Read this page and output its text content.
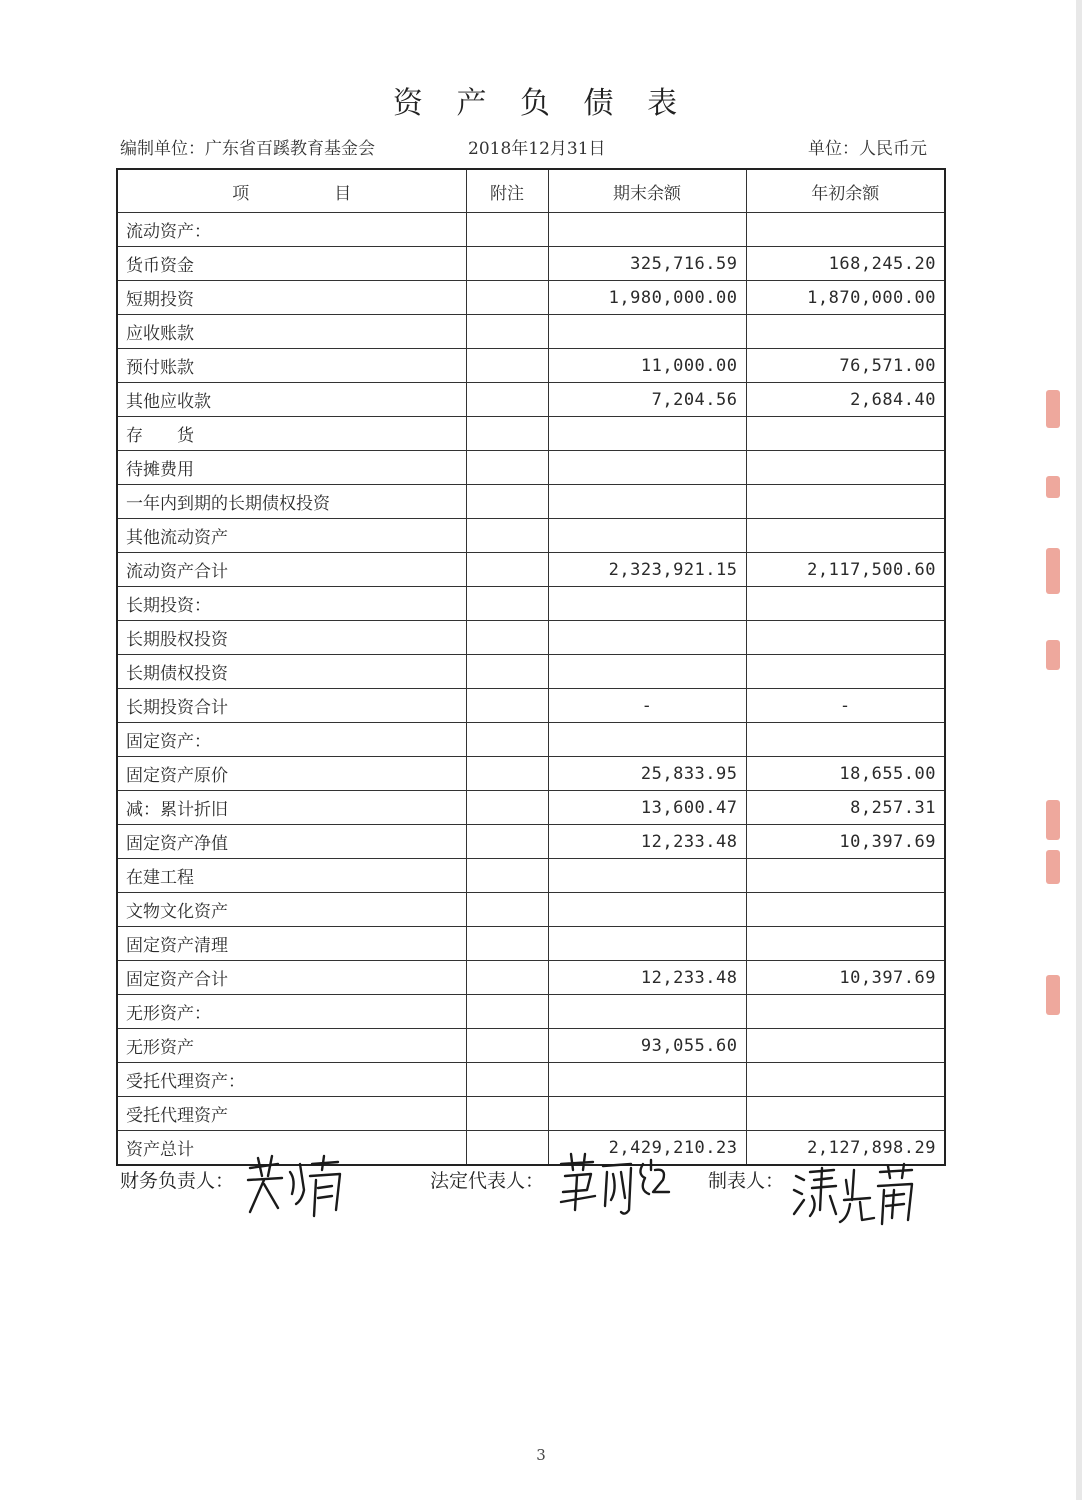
资 产 负 债 表
编制单位：广东省百蹊教育基金会	2018年12月31日	单位：人民币元
项　　　　　目	附注	期末余额	年初余额
流动资产：			
货币资金		325,716.59	168,245.20
短期投资		1,980,000.00	1,870,000.00
应收账款			
预付账款		11,000.00	76,571.00
其他应收款		7,204.56	2,684.40
存　　货			
待摊费用			
一年内到期的长期债权投资			
其他流动资产			
流动资产合计		2,323,921.15	2,117,500.60
长期投资：			
长期股权投资			
长期债权投资			
长期投资合计		-	-
固定资产：			
固定资产原价		25,833.95	18,655.00
减：累计折旧		13,600.47	8,257.31
固定资产净值		12,233.48	10,397.69
在建工程			
文物文化资产			
固定资产清理			
固定资产合计		12,233.48	10,397.69
无形资产：			
无形资产		93,055.60	
受托代理资产：			
受托代理资产			
资产总计		2,429,210.23	2,127,898.29
财务负责人：	法定代表人：	制表人：
3
